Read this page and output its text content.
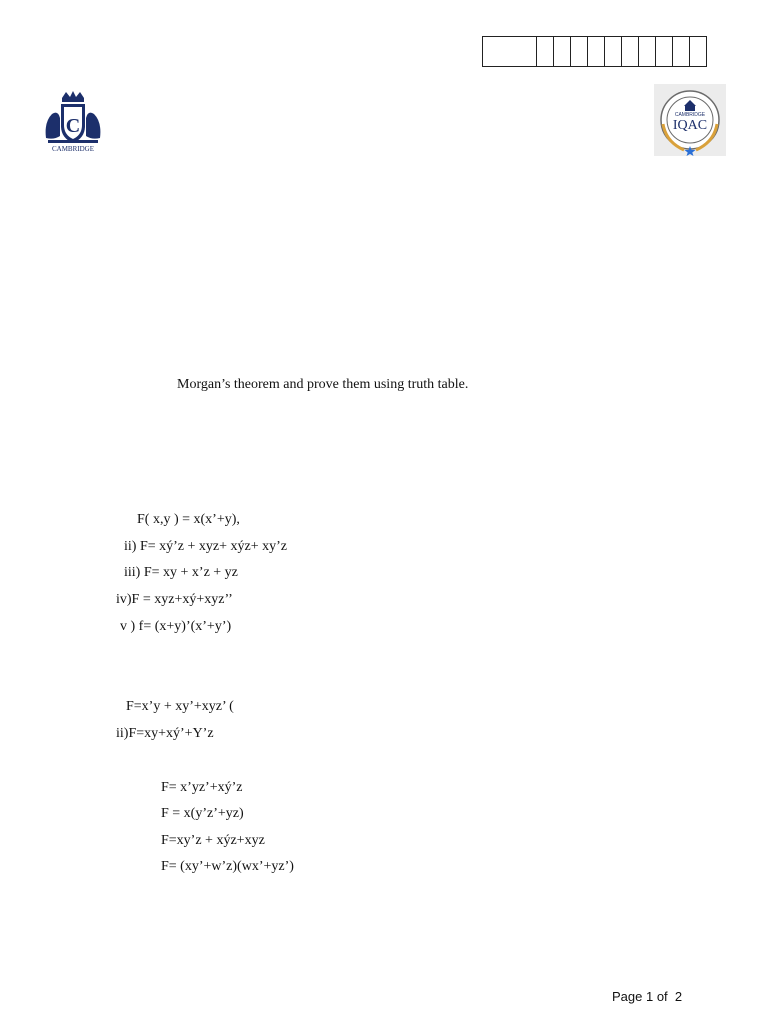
C
CAMBRIDGE
CAMBRIDGE
IQAC
Morgan’s theorem and prove them using truth table.
F( x,y ) = x(x’+y),
ii) F= xý’z + xyz+ xýz+ xy’z
iii) F= xy + x’z + yz
iv)F = xyz+xý+xyz’’
v ) f= (x+y)’(x’+y’)
F=x’y + xy’+xyz’ (
ii)F=xy+xý’+Y’z
F= x’yz’+xý’z
F = x(y’z’+yz)
F=xy’z + xýz+xyz
F= (xy’+w’z)(wx’+yz’)
Page 1 of  2
